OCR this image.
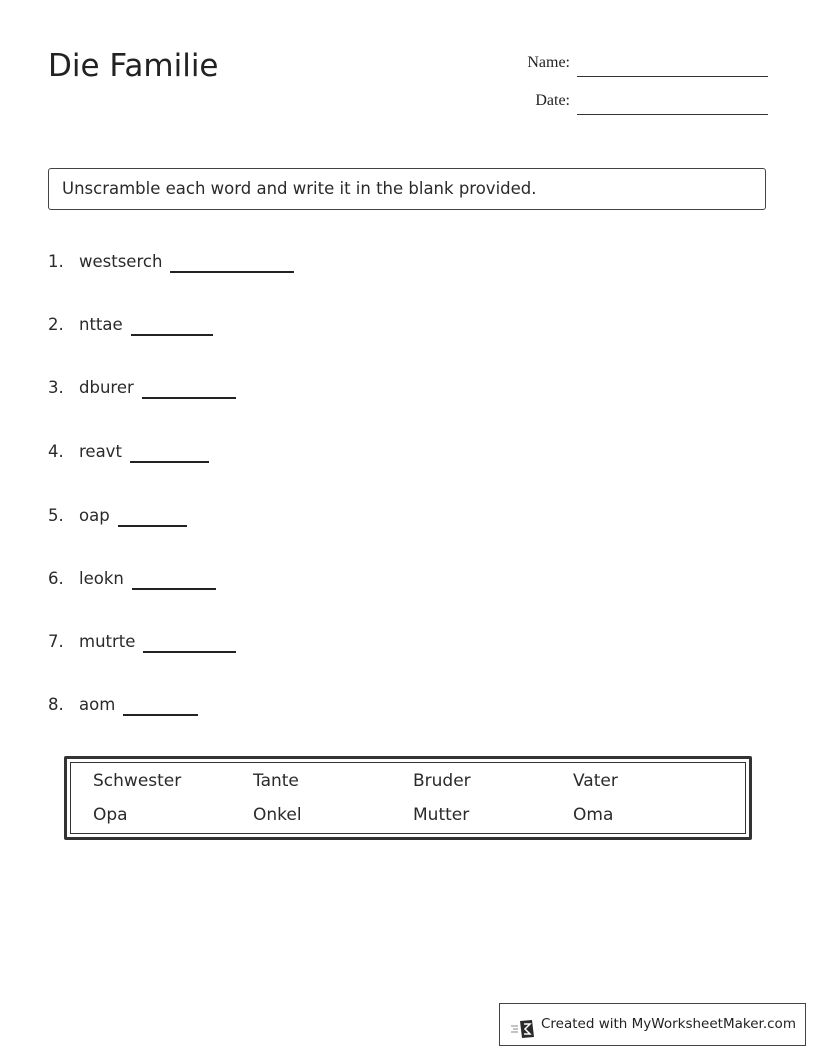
Die Familie	Name:
Date:
Unscramble each word and write it in the blank provided.
1. westserch
2. nttae
3. dburer
4. reavt
5. oap
6. leokn
7. mutrte
8. aom
Schwester	Tante	Bruder	Vater
Opa	Onkel	Mutter	Oma
Created with MyWorksheetMaker.com
